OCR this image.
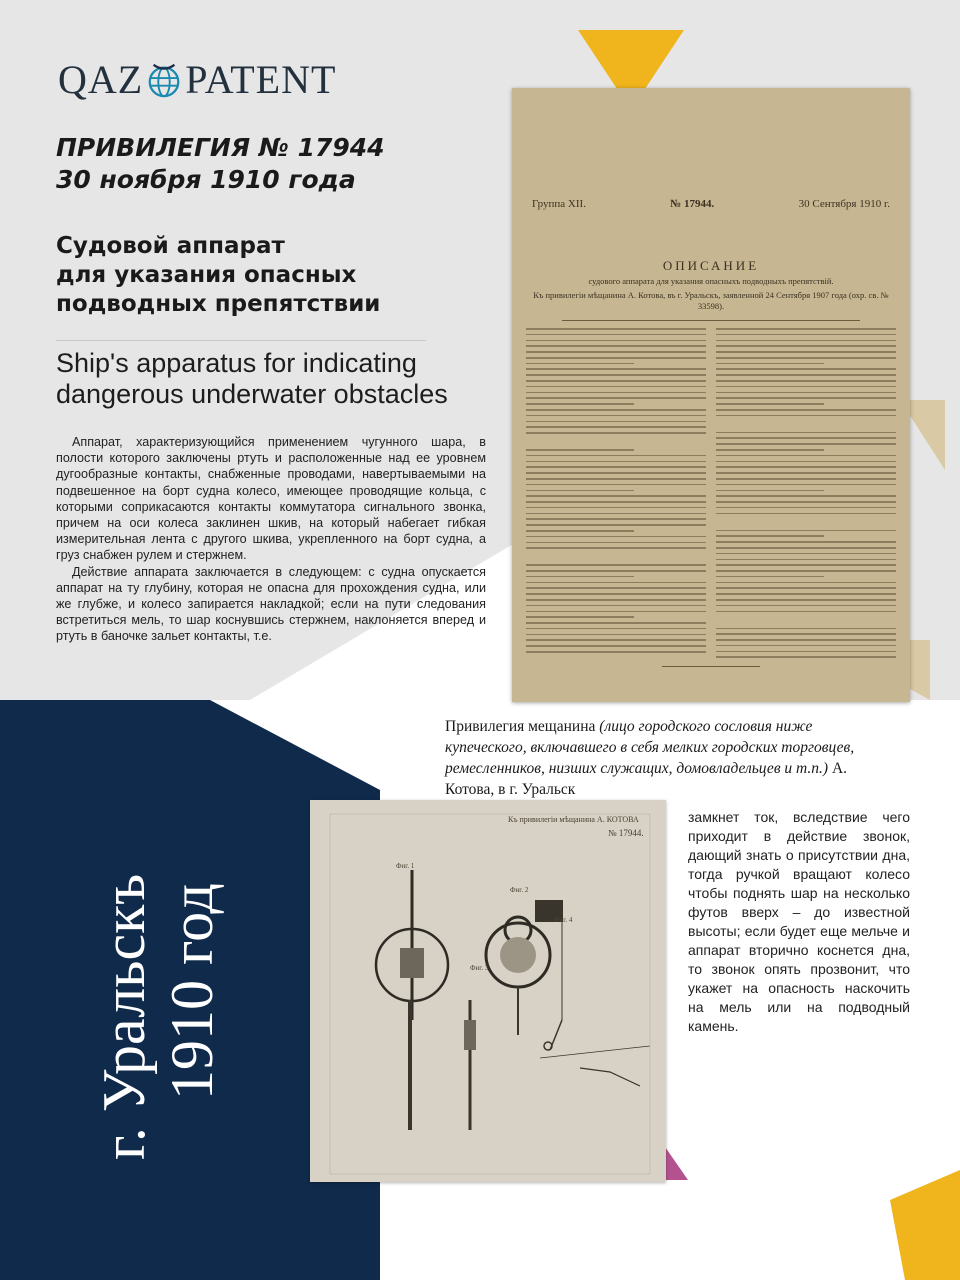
QAZ PATENT
ПРИВИЛЕГИЯ № 17944
30 ноября 1910 года
Судовой аппарат
для указания опасных
подводных препятствии
Ship's apparatus for indicating
dangerous underwater obstacles

Аппарат, характеризующийся применением чугунного шара, в полости которого заключены ртуть и расположенные над ее уровнем дугообразные контакты, снабженные проводами, навертываемыми на подвешенное на борт судна колесо, имеющее проводящие кольца, с которыми соприкасаются контакты коммутатора сигнального звонка, причем на оси колеса заклинен шкив, на который набегает гибкая измерительная лента с другого шкива, укрепленного на борт судна, а груз снабжен рулем и стержнем.

Действие аппарата заключается в следующем: с судна опускается аппарат на ту глубину, которая не опасна для прохождения судна, или же глубже, и колесо запирается накладкой; если на пути следования встретиться мель, то шар коснувшись стержнем, наклоняется вперед и ртуть в баночке зальет контакты, т.е.

Группа XII.	№ 17944.	30 Сентября 1910 г.
ОПИСАНИЕ
судового аппарата для указания опасныхъ подводныхъ препятствій.
Къ привилегіи мѣщанина А. Котова, въ г. Уральскъ, заявленной 24 Сентября 1907 года (охр. св. № 33598).
г. Уральскъ 1910 год
Привилегия мещанина (лицо городского сословия ниже купеческого, включавшего в себя мелких городских торговцев, ремесленников, низших служащих, домовладельцев и т.п.) А. Котова, в г. Уральск
Къ привилегіи мѣщанина А. КОТОВА
№ 17944.
Фиг. 1
Фиг. 2
Фиг. 3
Фиг. 4
замкнет ток, вследствие чего приходит в действие звонок, дающий знать о присутствии дна, тогда ручкой вращают колесо чтобы поднять шар на несколько футов вверх – до известной высоты; если будет еще мельче и аппарат вторично коснется дна, то звонок опять прозвонит, что укажет на опасность наскочить на мель или на подводный камень.
